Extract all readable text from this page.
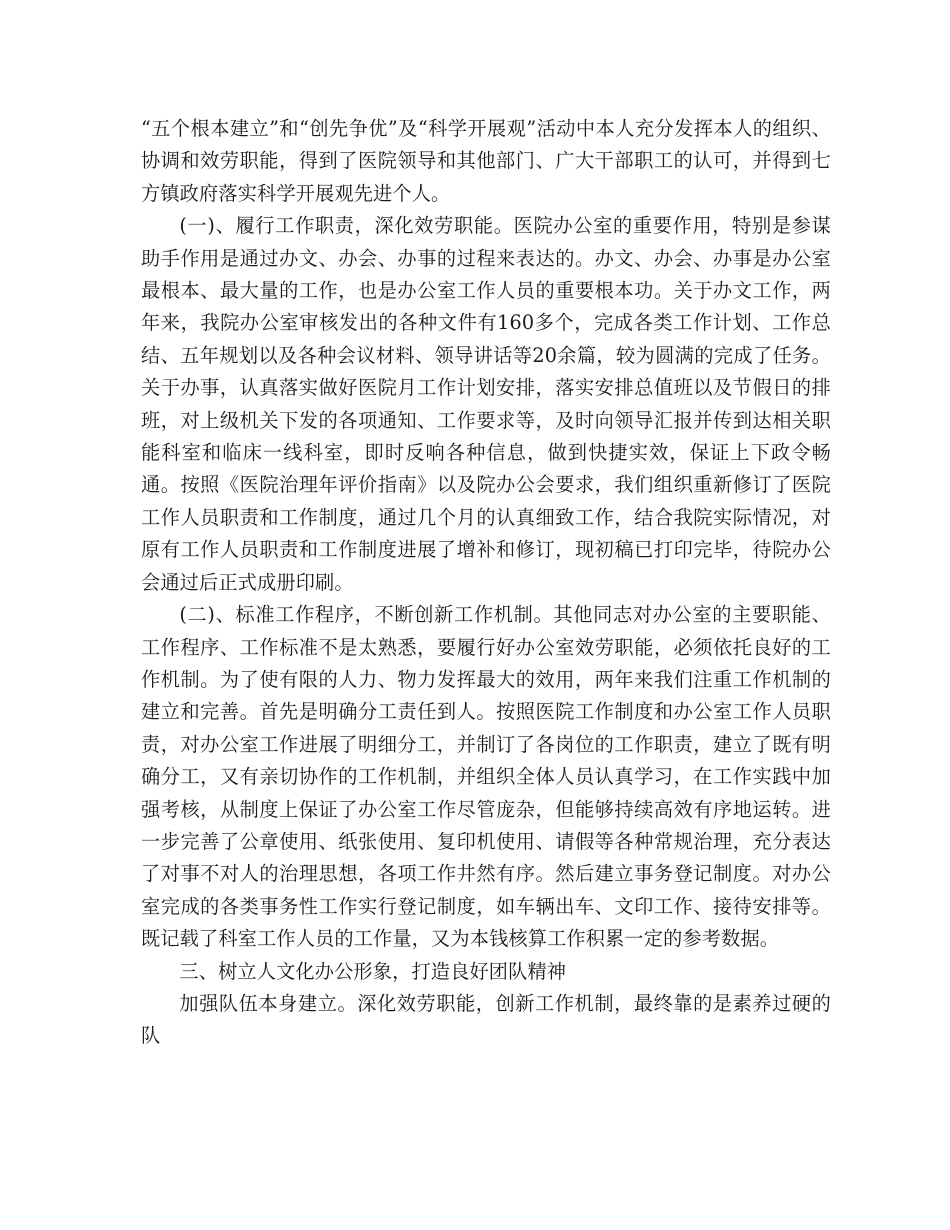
“五个根本建立”和“创先争优”及“科学开展观”活动中本人充分发挥本人的组织、协调和效劳职能，得到了医院领导和其他部门、广大干部职工的认可，并得到七方镇政府落实科学开展观先进个人。

(一)、履行工作职责，深化效劳职能。医院办公室的重要作用，特别是参谋助手作用是通过办文、办会、办事的过程来表达的。办文、办会、办事是办公室最根本、最大量的工作，也是办公室工作人员的重要根本功。关于办文工作，两年来，我院办公室审核发出的各种文件有160多个，完成各类工作计划、工作总结、五年规划以及各种会议材料、领导讲话等20余篇，较为圆满的完成了任务。关于办事，认真落实做好医院月工作计划安排，落实安排总值班以及节假日的排班，对上级机关下发的各项通知、工作要求等，及时向领导汇报并传到达相关职能科室和临床一线科室，即时反响各种信息，做到快捷实效，保证上下政令畅通。按照《医院治理年评价指南》以及院办公会要求，我们组织重新修订了医院工作人员职责和工作制度，通过几个月的认真细致工作，结合我院实际情况，对原有工作人员职责和工作制度进展了增补和修订，现初稿已打印完毕，待院办公会通过后正式成册印刷。

(二)、标准工作程序，不断创新工作机制。其他同志对办公室的主要职能、工作程序、工作标准不是太熟悉，要履行好办公室效劳职能，必须依托良好的工作机制。为了使有限的人力、物力发挥最大的效用，两年来我们注重工作机制的建立和完善。首先是明确分工责任到人。按照医院工作制度和办公室工作人员职责，对办公室工作进展了明细分工，并制订了各岗位的工作职责，建立了既有明确分工，又有亲切协作的工作机制，并组织全体人员认真学习，在工作实践中加强考核，从制度上保证了办公室工作尽管庞杂，但能够持续高效有序地运转。进一步完善了公章使用、纸张使用、复印机使用、请假等各种常规治理，充分表达了对事不对人的治理思想，各项工作井然有序。然后建立事务登记制度。对办公室完成的各类事务性工作实行登记制度，如车辆出车、文印工作、接待安排等。既记载了科室工作人员的工作量，又为本钱核算工作积累一定的参考数据。

三、树立人文化办公形象，打造良好团队精神

加强队伍本身建立。深化效劳职能，创新工作机制，最终靠的是素养过硬的队
